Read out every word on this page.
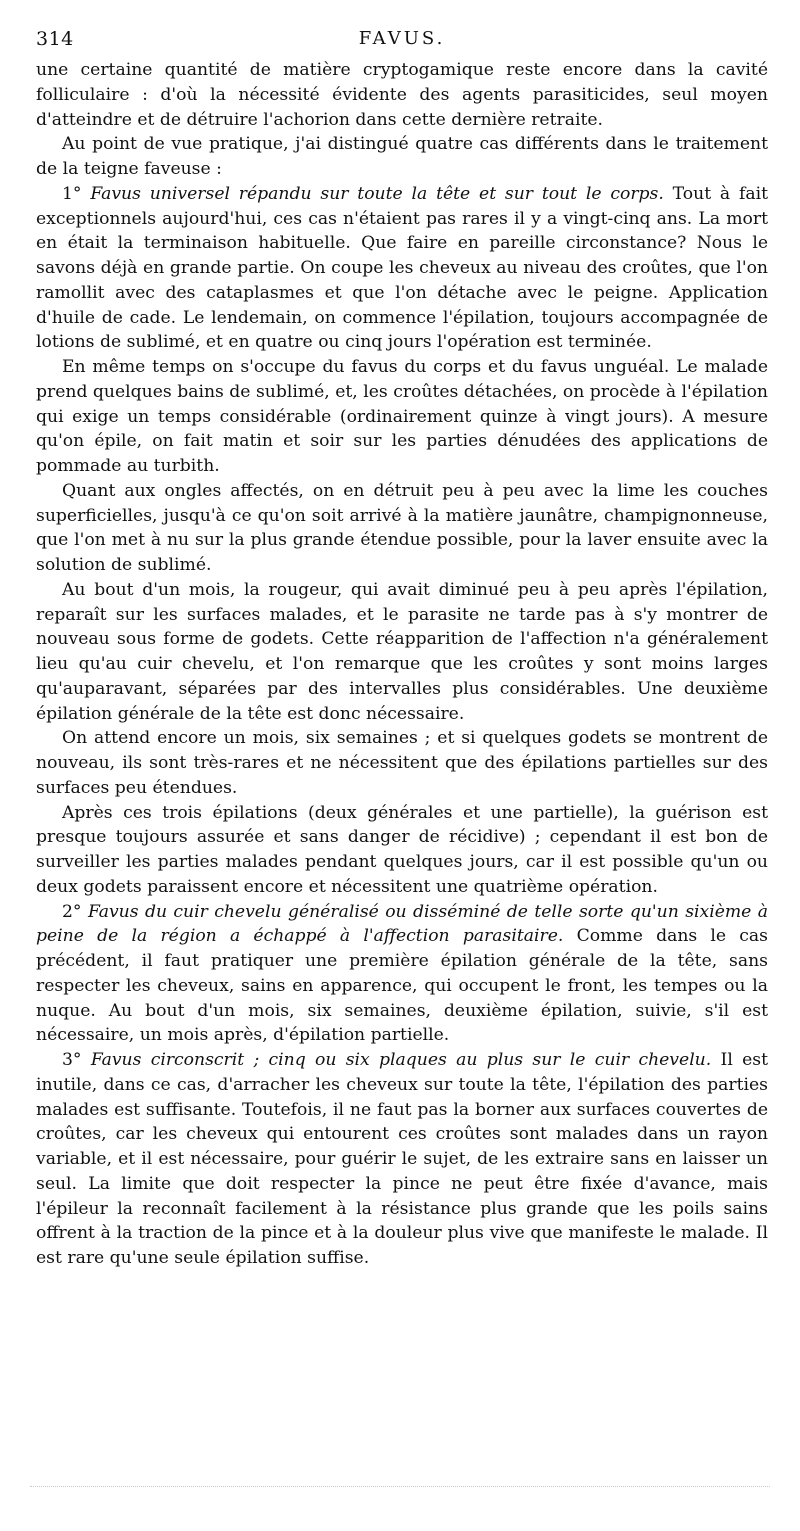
314	FAVUS.

une certaine quantité de matière cryptogamique reste encore dans la cavité folliculaire : d'où la nécessité évidente des agents parasiticides, seul moyen d'atteindre et de détruire l'achorion dans cette dernière retraite.

Au point de vue pratique, j'ai distingué quatre cas différents dans le traitement de la teigne faveuse :

1° Favus universel répandu sur toute la tête et sur tout le corps. Tout à fait exceptionnels aujourd'hui, ces cas n'étaient pas rares il y a vingt-cinq ans. La mort en était la terminaison habituelle. Que faire en pareille circonstance? Nous le savons déjà en grande partie. On coupe les cheveux au niveau des croûtes, que l'on ramollit avec des cataplasmes et que l'on détache avec le peigne. Application d'huile de cade. Le lendemain, on commence l'épilation, toujours accompagnée de lotions de sublimé, et en quatre ou cinq jours l'opération est terminée.

En même temps on s'occupe du favus du corps et du favus unguéal. Le malade prend quelques bains de sublimé, et, les croûtes détachées, on procède à l'épilation qui exige un temps considérable (ordinairement quinze à vingt jours). A mesure qu'on épile, on fait matin et soir sur les parties dénudées des applications de pommade au turbith.

Quant aux ongles affectés, on en détruit peu à peu avec la lime les couches superficielles, jusqu'à ce qu'on soit arrivé à la matière jaunâtre, champignonneuse, que l'on met à nu sur la plus grande étendue possible, pour la laver ensuite avec la solution de sublimé.

Au bout d'un mois, la rougeur, qui avait diminué peu à peu après l'épilation, reparaît sur les surfaces malades, et le parasite ne tarde pas à s'y montrer de nouveau sous forme de godets. Cette réapparition de l'affection n'a généralement lieu qu'au cuir chevelu, et l'on remarque que les croûtes y sont moins larges qu'auparavant, séparées par des intervalles plus considérables. Une deuxième épilation générale de la tête est donc nécessaire.

On attend encore un mois, six semaines ; et si quelques godets se montrent de nouveau, ils sont très-rares et ne nécessitent que des épilations partielles sur des surfaces peu étendues.

Après ces trois épilations (deux générales et une partielle), la guérison est presque toujours assurée et sans danger de récidive) ; cependant il est bon de surveiller les parties malades pendant quelques jours, car il est possible qu'un ou deux godets paraissent encore et nécessitent une quatrième opération.

2° Favus du cuir chevelu généralisé ou disséminé de telle sorte qu'un sixième à peine de la région a échappé à l'affection parasitaire. Comme dans le cas précédent, il faut pratiquer une première épilation générale de la tête, sans respecter les cheveux, sains en apparence, qui occupent le front, les tempes ou la nuque. Au bout d'un mois, six semaines, deuxième épilation, suivie, s'il est nécessaire, un mois après, d'épilation partielle.

3° Favus circonscrit ; cinq ou six plaques au plus sur le cuir chevelu. Il est inutile, dans ce cas, d'arracher les cheveux sur toute la tête, l'épilation des parties malades est suffisante. Toutefois, il ne faut pas la borner aux surfaces couvertes de croûtes, car les cheveux qui entourent ces croûtes sont malades dans un rayon variable, et il est nécessaire, pour guérir le sujet, de les extraire sans en laisser un seul. La limite que doit respecter la pince ne peut être fixée d'avance, mais l'épileur la reconnaît facilement à la résistance plus grande que les poils sains offrent à la traction de la pince et à la douleur plus vive que manifeste le malade. Il est rare qu'une seule épilation suffise.
